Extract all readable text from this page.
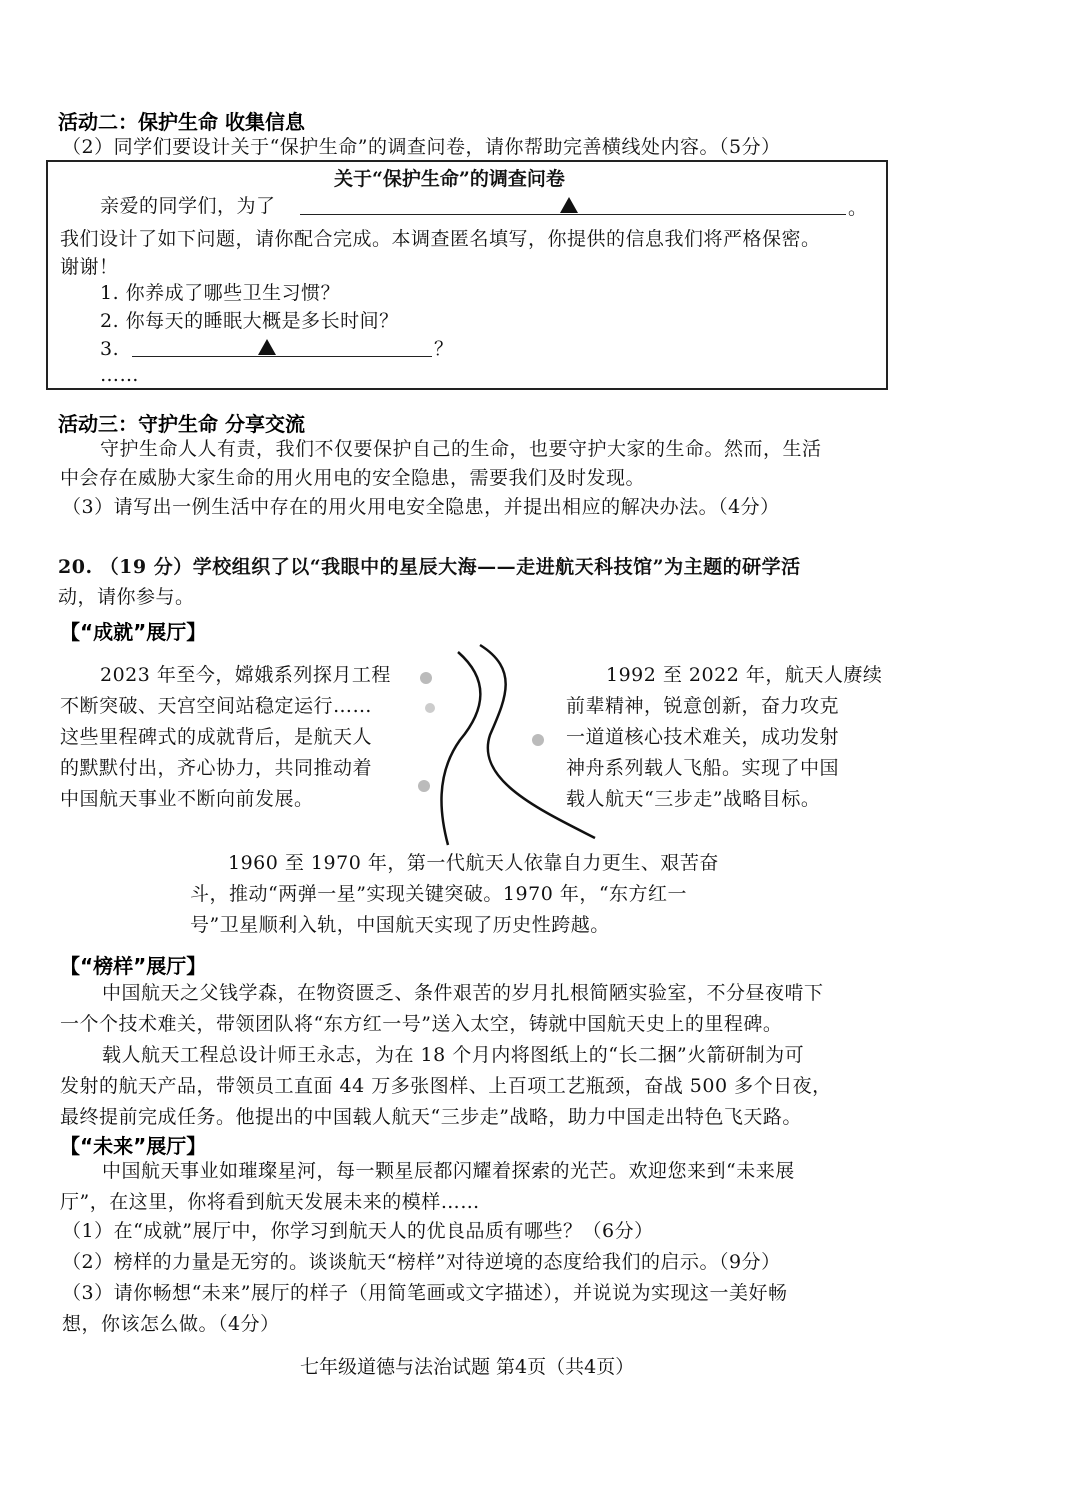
活动二：保护生命 收集信息
（2）同学们要设计关于“保护生命”的调查问卷，请你帮助完善横线处内容。（5分）
关于“保护生命”的调查问卷
亲爱的同学们，为了	。
我们设计了如下问题，请你配合完成。本调查匿名填写，你提供的信息我们将严格保密。
谢谢！
1. 你养成了哪些卫生习惯？
2. 你每天的睡眠大概是多长时间？
3.	？
……
活动三：守护生命 分享交流
守护生命人人有责，我们不仅要保护自己的生命，也要守护大家的生命。然而，生活
中会存在威胁大家生命的用火用电的安全隐患，需要我们及时发现。
（3）请写出一例生活中存在的用火用电安全隐患，并提出相应的解决办法。（4分）
20. （19 分）学校组织了以“我眼中的星辰大海——走进航天科技馆”为主题的研学活
动，请你参与。
【“成就”展厅】
2023 年至今，嫦娥系列探月工程
不断突破、天宫空间站稳定运行……
这些里程碑式的成就背后，是航天人
的默默付出，齐心协力，共同推动着
中国航天事业不断向前发展。
1992 至 2022 年，航天人赓续
前辈精神，锐意创新，奋力攻克
一道道核心技术难关，成功发射
神舟系列载人飞船。实现了中国
载人航天“三步走”战略目标。
1960 至 1970 年，第一代航天人依靠自力更生、艰苦奋
斗，推动“两弹一星”实现关键突破。1970 年，“东方红一
号”卫星顺利入轨，中国航天实现了历史性跨越。
【“榜样”展厅】
中国航天之父钱学森，在物资匮乏、条件艰苦的岁月扎根简陋实验室，不分昼夜啃下
一个个技术难关，带领团队将“东方红一号”送入太空，铸就中国航天史上的里程碑。
载人航天工程总设计师王永志，为在 18 个月内将图纸上的“长二捆”火箭研制为可
发射的航天产品，带领员工直面 44 万多张图样、上百项工艺瓶颈，奋战 500 多个日夜，
最终提前完成任务。他提出的中国载人航天“三步走”战略，助力中国走出特色飞天路。
【“未来”展厅】
中国航天事业如璀璨星河，每一颗星辰都闪耀着探索的光芒。欢迎您来到“未来展
厅”，在这里，你将看到航天发展未来的模样……
（1）在“成就”展厅中，你学习到航天人的优良品质有哪些？（6分）
（2）榜样的力量是无穷的。谈谈航天“榜样”对待逆境的态度给我们的启示。（9分）
（3）请你畅想“未来”展厅的样子（用简笔画或文字描述），并说说为实现这一美好畅
想，你该怎么做。（4分）
七年级道德与法治试题 第4页（共4页）
